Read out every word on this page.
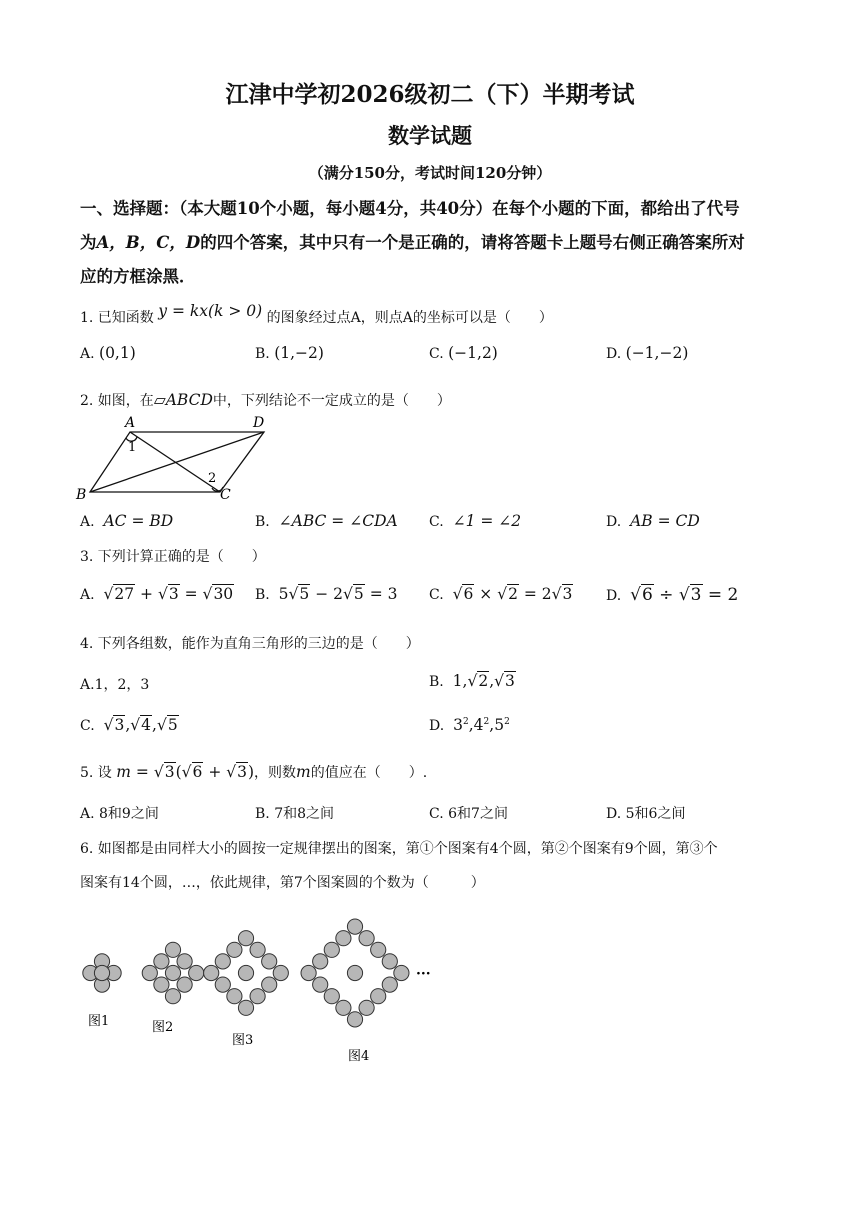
江津中学初2026级初二（下）半期考试
数学试题
（满分150分，考试时间120分钟）
一、选择题：（本大题10个小题，每小题4分，共40分）在每个小题的下面，都给出了代号
为A，B，C，D的四个答案，其中只有一个是正确的，请将答题卡 •上题号右侧正确答案所对
应的方框涂黑．
1. 已知函数 y = kx(k > 0) 的图象经过点A，则点A的坐标可以是（　　）
A. (0,1)	B. (1,−2)	C. (−1,2)	D. (−1,−2)
2. 如图，在▱ABCD中，下列结论不一定成立的是（　　）
A	D
B	C
1
2
A. AC = BD	B. ∠ABC = ∠CDA C. ∠1 = ∠2	D. AB = CD
3. 下列计算正确的是（　　）
A. √27 + √3 = √30 B. 5√5 − 2√5 = 3 C. √6 × √2 = 2√3 D. √6 ÷ √3 = 2
4. 下列各组数，能作为直角三角形的三边的是（　　）
A.1，2，3	B. 1,√2,√3
C. √3,√4,√5	D. $3^2,4^2,5^2$
5. 设 m = √3(√6 + √3)，则数m的值应在（　　）.
A. 8和9之间	B. 7和8之间	C. 6和7之间	D. 5和6之间
6. 如图都是由同样大小的圆按一定规律摆出的图案，第①个图案有4个圆，第②个图案有9个圆，第③个
图案有14个圆，…，依此规律，第7个图案圆的个数为（　　　）
图1	图2
图3
图4
···
